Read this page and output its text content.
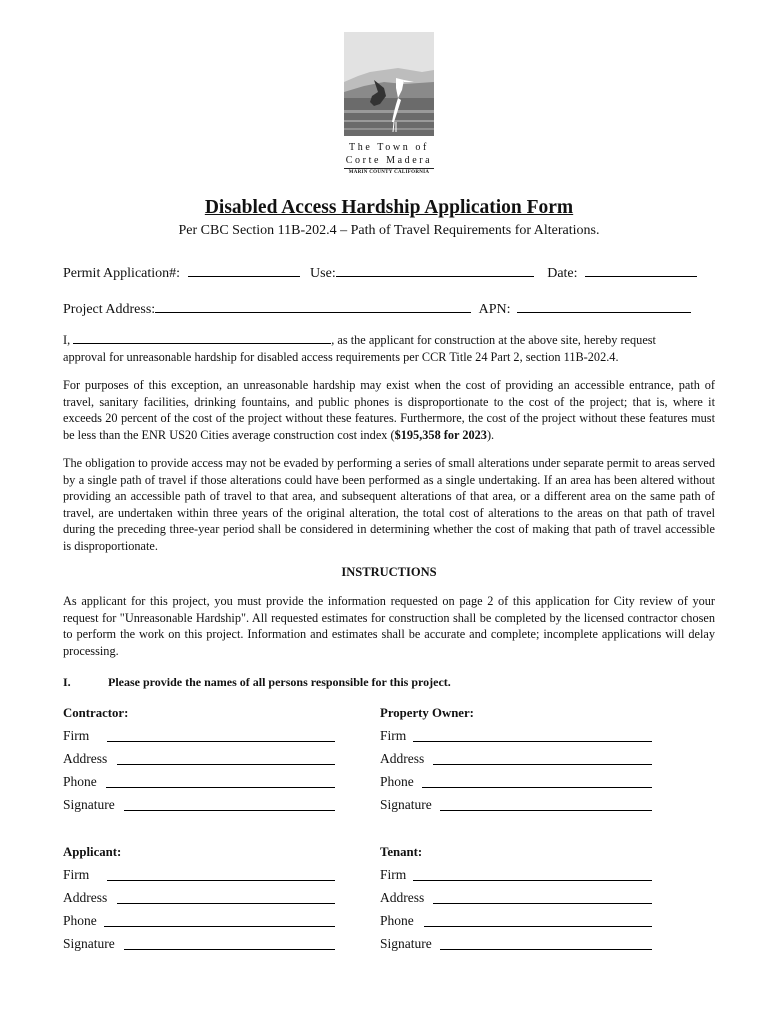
The Town of
Corte Madera
MARIN COUNTY CALIFORNIA
Disabled Access Hardship Application Form
Per CBC Section 11B-202.4 – Path of Travel Requirements for Alterations.
Permit Application#:	Use:	Date:
Project Address:	APN:
I,	, as the applicant for construction at the above site, hereby request
approval for unreasonable hardship for disabled access requirements per CCR Title 24 Part 2, section 11B-202.4.
For purposes of this exception, an unreasonable hardship may exist when the cost of providing an accessible entrance, path of travel, sanitary facilities, drinking fountains, and public phones is disproportionate to the cost of the project; that is, where it exceeds 20 percent of the cost of the project without these features. Furthermore, the cost of the project without these features must be less than the ENR US20 Cities average construction cost index ($195,358 for 2023).
The obligation to provide access may not be evaded by performing a series of small alterations under separate permit to areas served by a single path of travel if those alterations could have been performed as a single undertaking. If an area has been altered without providing an accessible path of travel to that area, and subsequent alterations of that area, or a different area on the same path of travel, are undertaken within three years of the original alteration, the total cost of alterations to the areas on that path of travel during the preceding three-year period shall be considered in determining whether the cost of making that path of travel accessible is disproportionate.
INSTRUCTIONS
As applicant for this project, you must provide the information requested on page 2 of this application for City review of your request for "Unreasonable Hardship". All requested estimates for construction shall be completed by the licensed contractor chosen to perform the work on this project. Information and estimates shall be accurate and complete; incomplete applications will delay processing.
I.	Please provide the names of all persons responsible for this project.
Contractor:
Firm
Address
Phone
Signature
Property Owner:
Firm
Address
Phone
Signature
Applicant:
Firm
Address
Phone
Signature
Tenant:
Firm
Address
Phone
Signature
